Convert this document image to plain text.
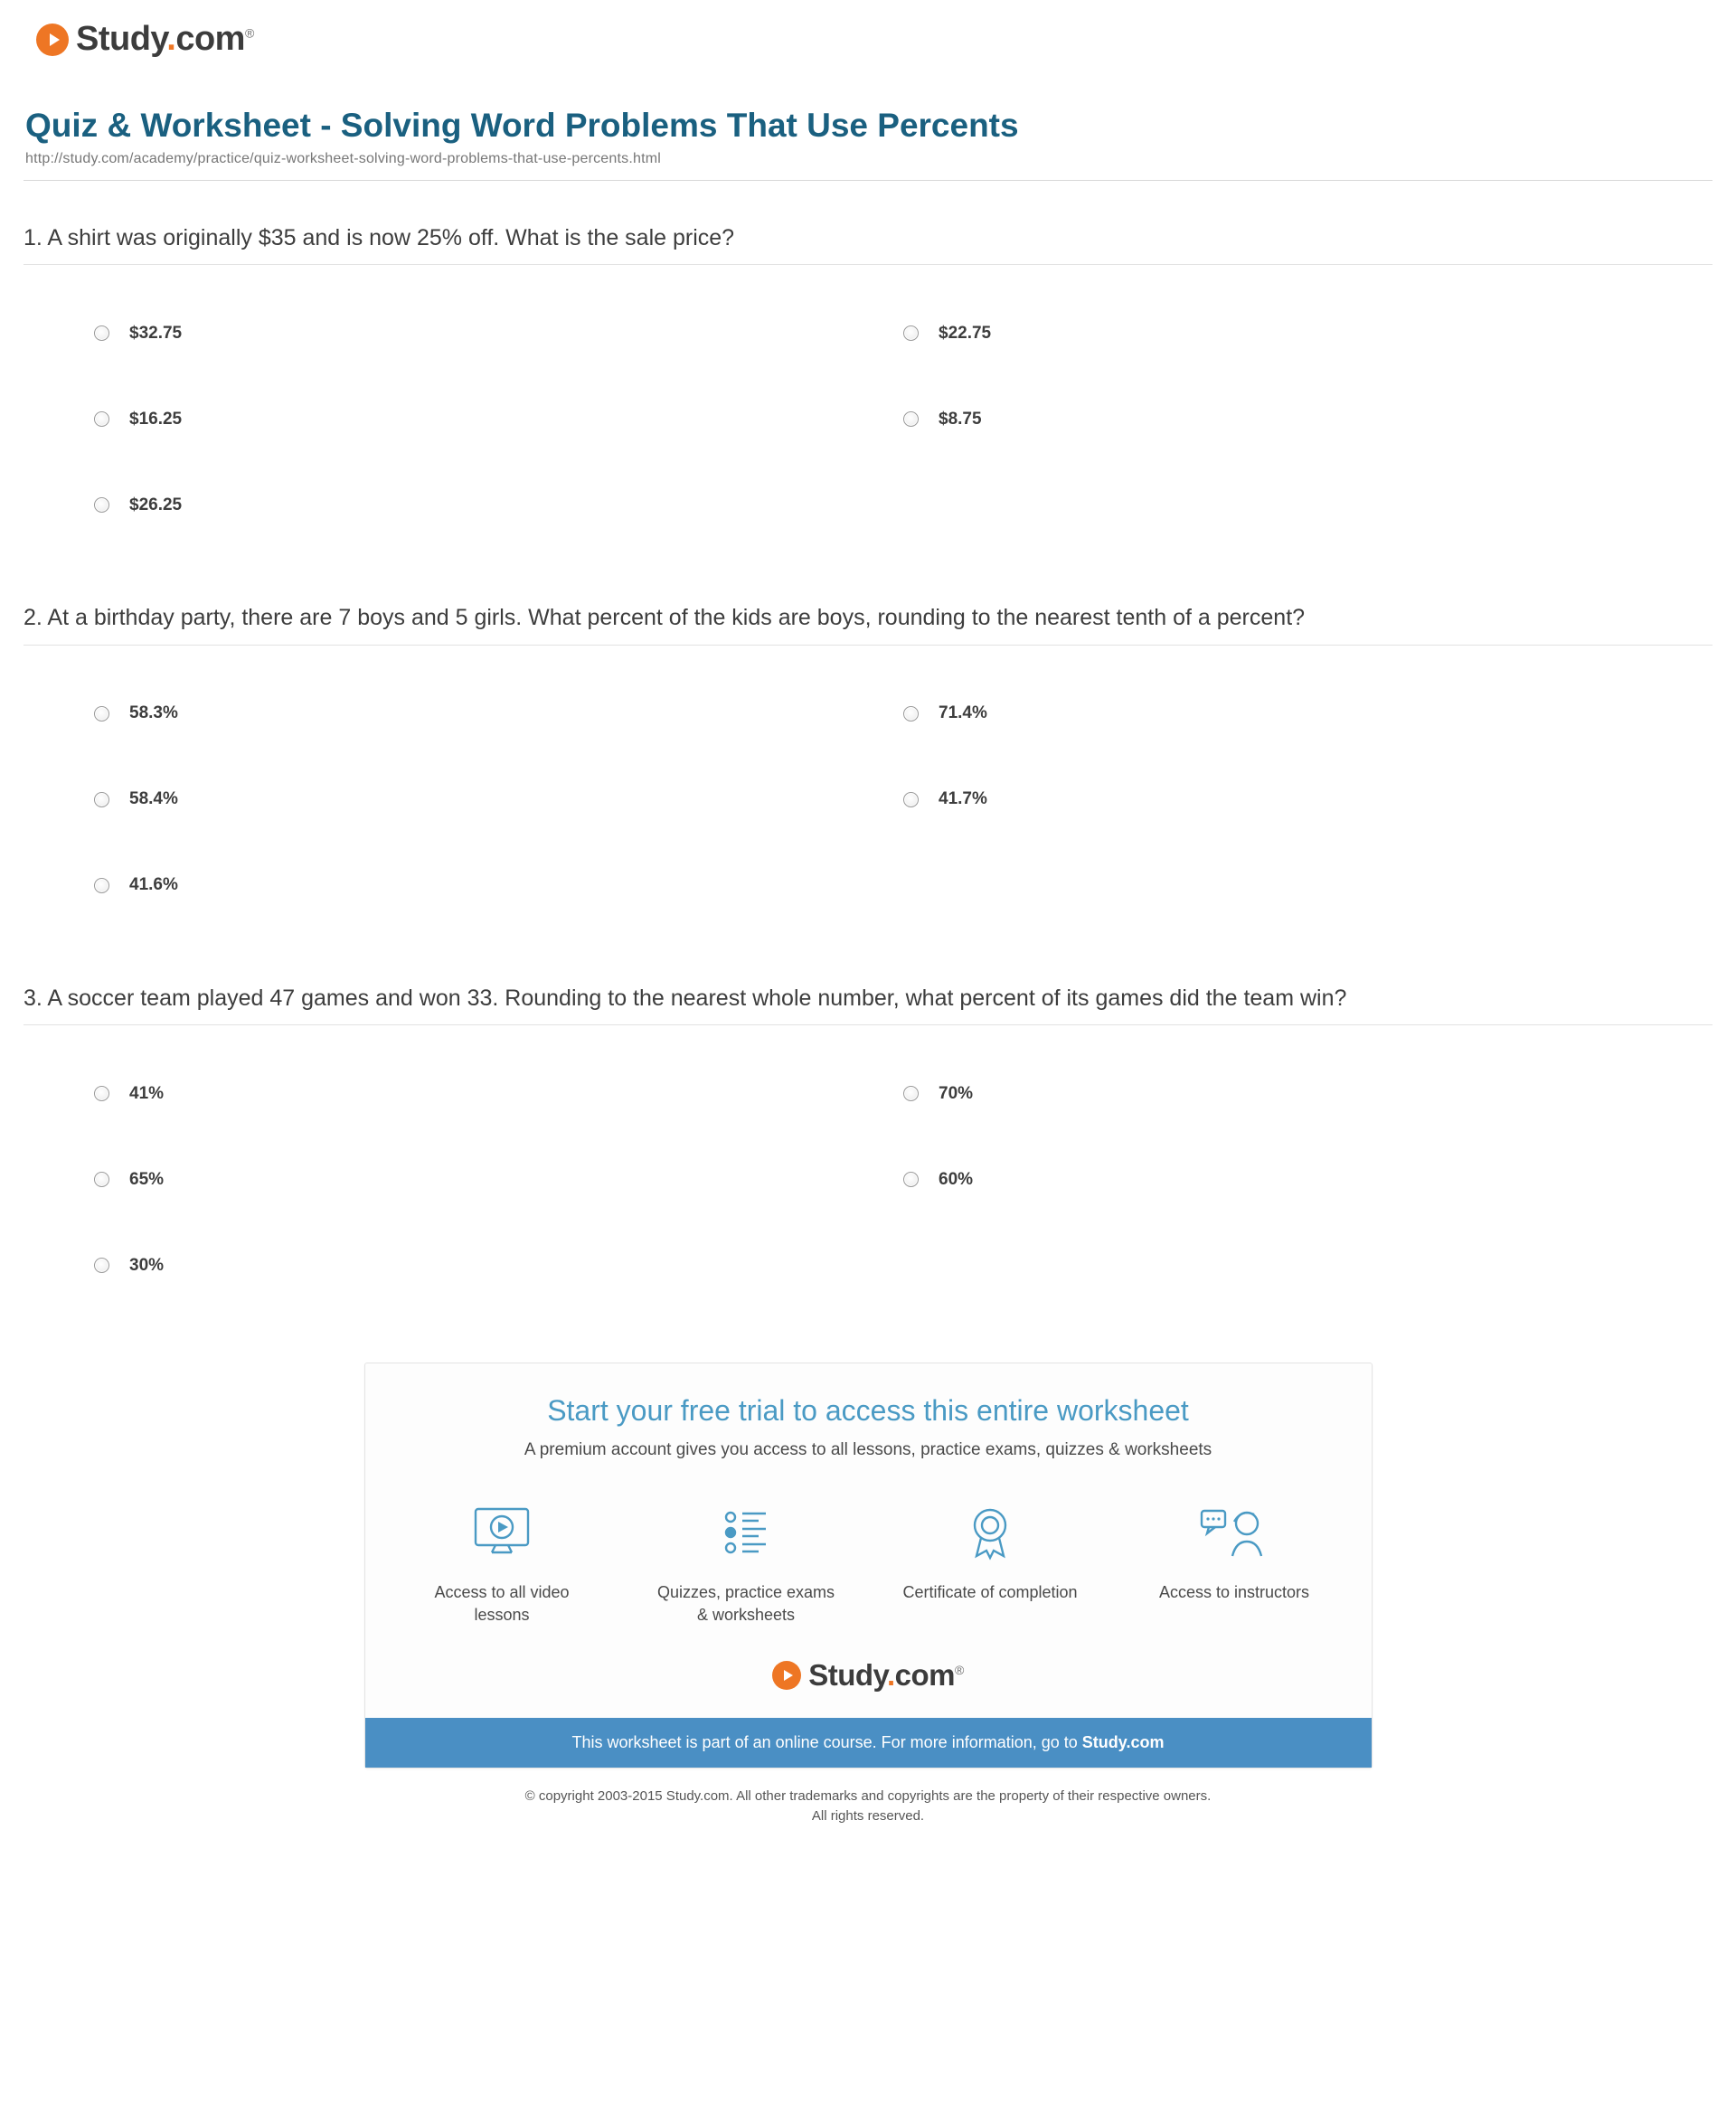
Study.com®
Quiz & Worksheet - Solving Word Problems That Use Percents
http://study.com/academy/practice/quiz-worksheet-solving-word-problems-that-use-percents.html

1. A shirt was originally $35 and is now 25% off. What is the sale price?

$32.75
$16.25
$26.25
$22.75
$8.75

2. At a birthday party, there are 7 boys and 5 girls. What percent of the kids are boys, rounding to the nearest tenth of a percent?

58.3%
58.4%
41.6%
71.4%
41.7%

3. A soccer team played 47 games and won 33. Rounding to the nearest whole number, what percent of its games did the team win?

41%
65%
30%
70%
60%
Start your free trial to access this entire worksheet

A premium account gives you access to all lessons, practice exams, quizzes & worksheets

Access to all video lessons
Quizzes, practice exams & worksheets
Certificate of completion	Access to instructors
Study.com®
This worksheet is part of an online course. For more information, go to Study.com
© copyright 2003-2015 Study.com. All other trademarks and copyrights are the property of their respective owners.
All rights reserved.
